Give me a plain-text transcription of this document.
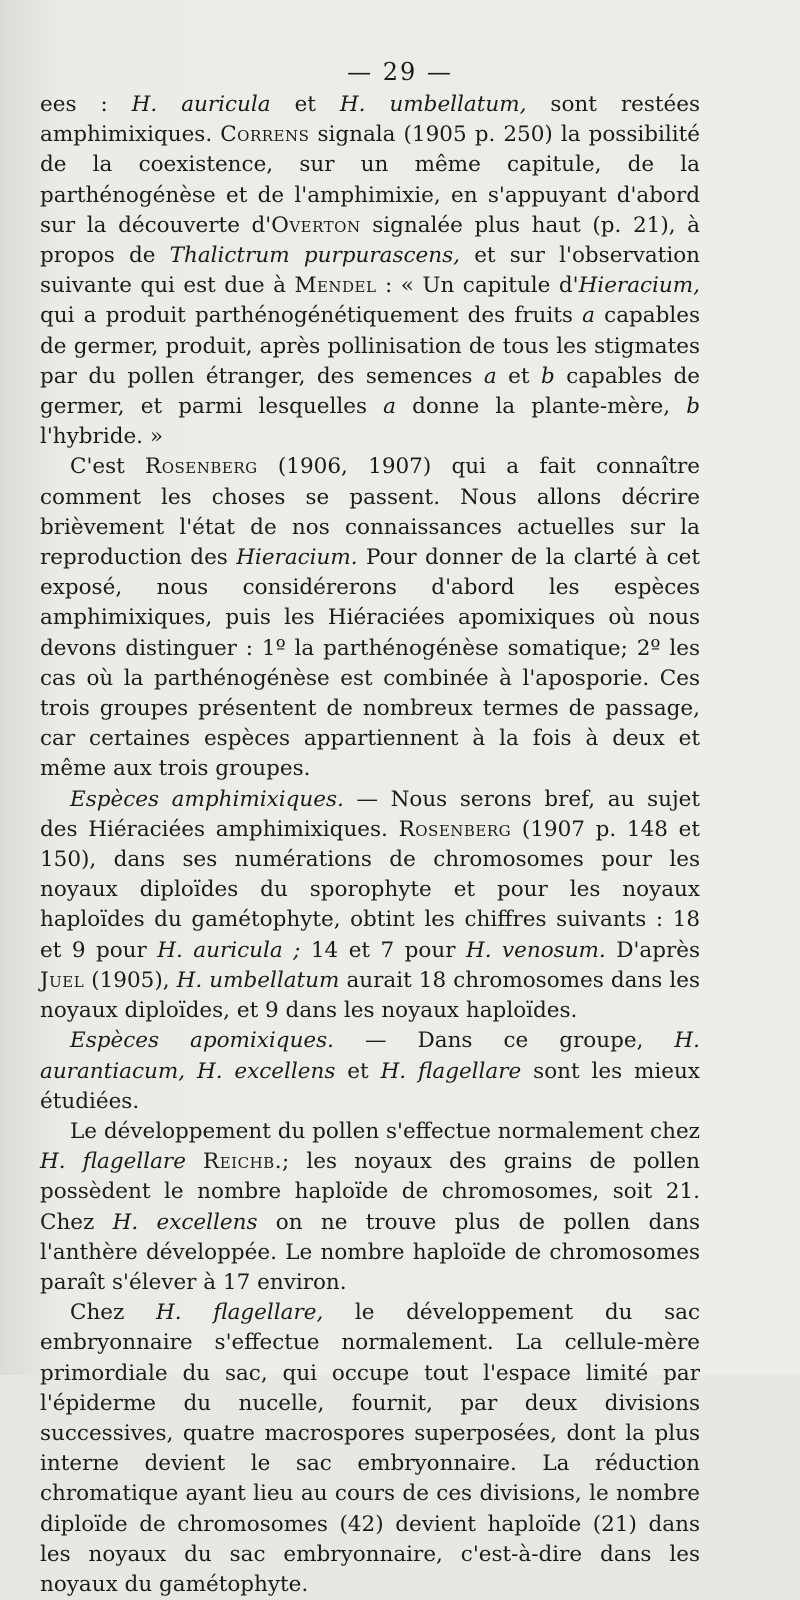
— 29 —

ees : H. auricula et H. umbellatum, sont restées amphimixiques. Correns signala (1905 p. 250) la possibilité de la coexistence, sur un même capitule, de la parthénogénèse et de l'amphimixie, en s'appuyant d'abord sur la découverte d'Overton signalée plus haut (p. 21), à propos de Thalictrum purpurascens, et sur l'observation suivante qui est due à Mendel : « Un capitule d'Hieracium, qui a produit parthénogénétiquement des fruits a capables de germer, produit, après pollinisation de tous les stigmates par du pollen étranger, des semences a et b capables de germer, et parmi lesquelles a donne la plante-mère, b l'hybride. »

C'est Rosenberg (1906, 1907) qui a fait connaître comment les choses se passent. Nous allons décrire brièvement l'état de nos connaissances actuelles sur la reproduction des Hieracium. Pour donner de la clarté à cet exposé, nous considérerons d'abord les espèces amphimixiques, puis les Hiéraciées apomixiques où nous devons distinguer : 1º la parthénogénèse somatique; 2º les cas où la parthénogénèse est combinée à l'aposporie. Ces trois groupes présentent de nombreux termes de passage, car certaines espèces appartiennent à la fois à deux et même aux trois groupes.

Espèces amphimixiques. — Nous serons bref, au sujet des Hiéraciées amphimixiques. Rosenberg (1907 p. 148 et 150), dans ses numérations de chromosomes pour les noyaux diploïdes du sporophyte et pour les noyaux haploïdes du gamétophyte, obtint les chiffres suivants : 18 et 9 pour H. auricula ; 14 et 7 pour H. venosum. D'après Juel (1905), H. umbellatum aurait 18 chromosomes dans les noyaux diploïdes, et 9 dans les noyaux haploïdes.

Espèces apomixiques. — Dans ce groupe, H. aurantiacum, H. excellens et H. flagellare sont les mieux étudiées.

Le développement du pollen s'effectue normalement chez H. flagellare Reichb.; les noyaux des grains de pollen possèdent le nombre haploïde de chromosomes, soit 21. Chez H. excellens on ne trouve plus de pollen dans l'anthère développée. Le nombre haploïde de chromosomes paraît s'élever à 17 environ.

Chez H. flagellare, le développement du sac embryonnaire s'effectue normalement. La cellule-mère primordiale du sac, qui occupe tout l'espace limité par l'épiderme du nucelle, fournit, par deux divisions successives, quatre macrospores superposées, dont la plus interne devient le sac embryonnaire. La réduction chromatique ayant lieu au cours de ces divisions, le nombre diploïde de chromosomes (42) devient haploïde (21) dans les noyaux du sac embryonnaire, c'est-à-dire dans les noyaux du gamétophyte.
